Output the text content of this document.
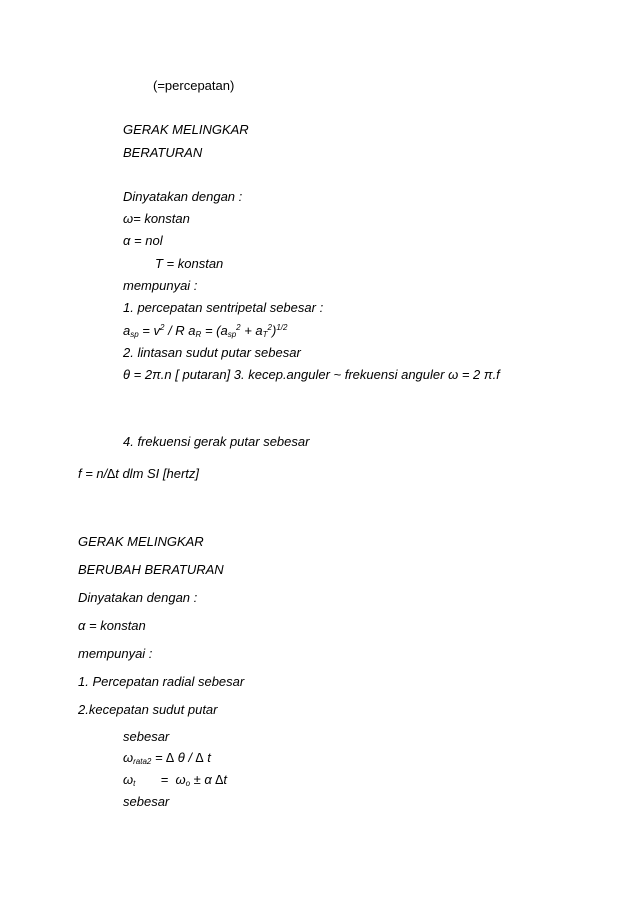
(=percepatan)
GERAK MELINGKAR
BERATURAN
Dinyatakan dengan :
ω= konstan
α = nol
T = konstan
mempunyai :
1. percepatan sentripetal sebesar :
$a_{sp} = v^2 / R$ $a_R = (a_{sp}^2 + a_T^2)^{1/2}$
2. lintasan sudut putar sebesar
θ = 2π.n [ putaran] 3. kecep.anguler ~ frekuensi anguler ω = 2 π.f
4. frekuensi gerak putar sebesar
f = n/∆t dlm SI [hertz]
GERAK MELINGKAR
BERUBAH BERATURAN
Dinyatakan dengan :
α = konstan
mempunyai :
1. Percepatan radial sebesar
2.kecepatan sudut putar
sebesar
$\omega_{rata2}$ = ∆ θ / ∆ t
$\omega_t$       =  $\omega_o \pm \alpha$ ∆t
sebesar
